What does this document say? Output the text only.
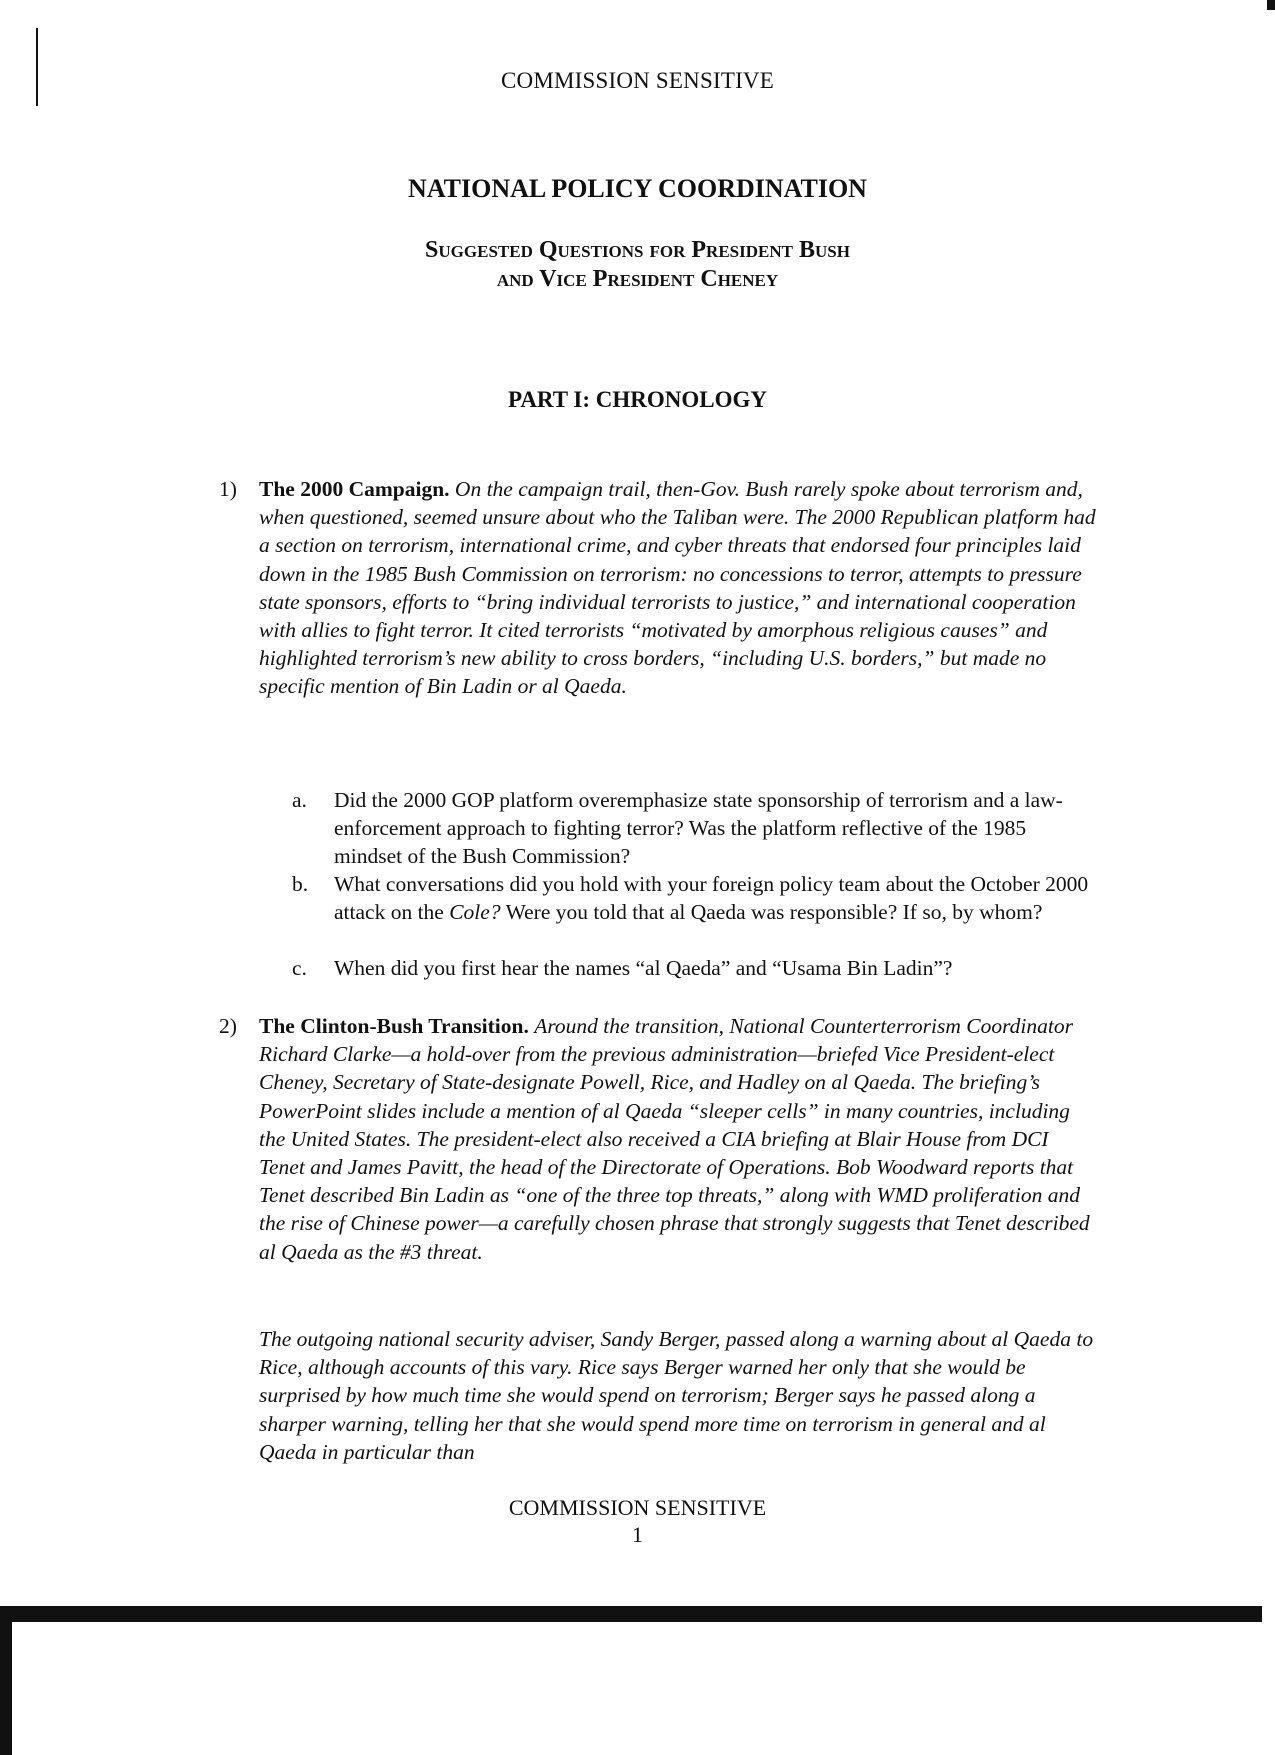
COMMISSION SENSITIVE
NATIONAL POLICY COORDINATION
Suggested Questions for President Bush
and Vice President Cheney
PART I: CHRONOLOGY
1) The 2000 Campaign. On the campaign trail, then-Gov. Bush rarely spoke about terrorism and, when questioned, seemed unsure about who the Taliban were. The 2000 Republican platform had a section on terrorism, international crime, and cyber threats that endorsed four principles laid down in the 1985 Bush Commission on terrorism: no concessions to terror, attempts to pressure state sponsors, efforts to “bring individual terrorists to justice,” and international cooperation with allies to fight terror. It cited terrorists “motivated by amorphous religious causes” and highlighted terrorism’s new ability to cross borders, “including U.S. borders,” but made no specific mention of Bin Ladin or al Qaeda.
a. Did the 2000 GOP platform overemphasize state sponsorship of terrorism and a law-enforcement approach to fighting terror? Was the platform reflective of the 1985 mindset of the Bush Commission?
b. What conversations did you hold with your foreign policy team about the October 2000 attack on the Cole? Were you told that al Qaeda was responsible? If so, by whom?
c. When did you first hear the names “al Qaeda” and “Usama Bin Ladin”?
2) The Clinton-Bush Transition. Around the transition, National Counterterrorism Coordinator Richard Clarke—a hold-over from the previous administration—briefed Vice President-elect Cheney, Secretary of State-designate Powell, Rice, and Hadley on al Qaeda. The briefing’s PowerPoint slides include a mention of al Qaeda “sleeper cells” in many countries, including the United States. The president-elect also received a CIA briefing at Blair House from DCI Tenet and James Pavitt, the head of the Directorate of Operations. Bob Woodward reports that Tenet described Bin Ladin as “one of the three top threats,” along with WMD proliferation and the rise of Chinese power—a carefully chosen phrase that strongly suggests that Tenet described al Qaeda as the #3 threat.
The outgoing national security adviser, Sandy Berger, passed along a warning about al Qaeda to Rice, although accounts of this vary. Rice says Berger warned her only that she would be surprised by how much time she would spend on terrorism; Berger says he passed along a sharper warning, telling her that she would spend more time on terrorism in general and al Qaeda in particular than
COMMISSION SENSITIVE
1
